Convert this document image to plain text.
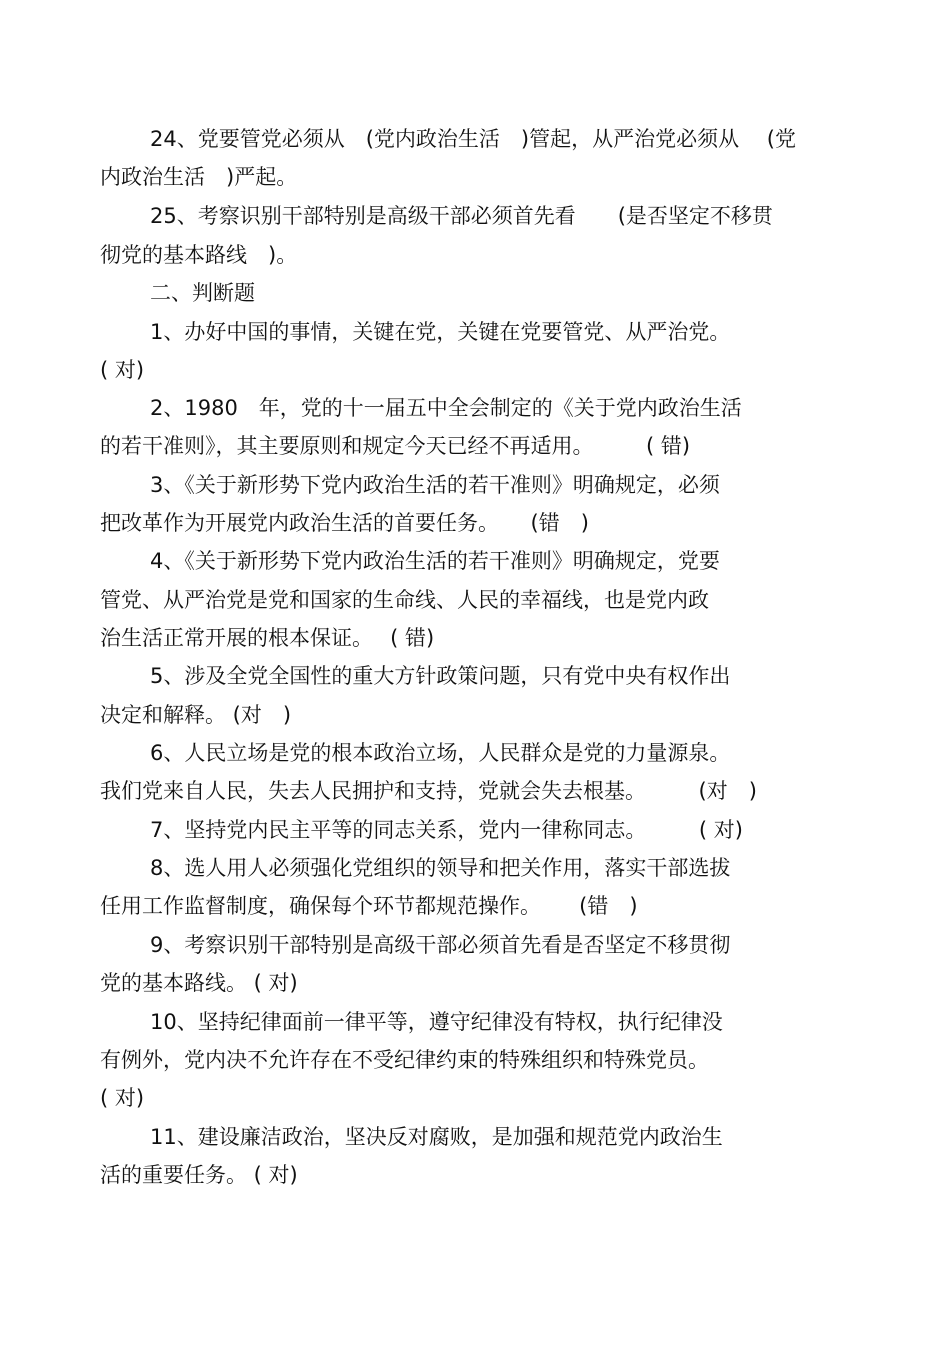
24、党要管党必须从　(党内政治生活　)管起，从严治党必须从　 (党

内政治生活　)严起。

25、考察识别干部特别是高级干部必须首先看　　(是否坚定不移贯

彻党的基本路线　)。

二、判断题

1、办好中国的事情，关键在党，关键在党要管党、从严治党。

( 对)

2、1980　年，党的十一届五中全会制定的《关于党内政治生活

的若干准则》，其主要原则和规定今天已经不再适用。　　　( 错)

3、《关于新形势下党内政治生活的若干准则》明确规定，必须

把改革作为开展党内政治生活的首要任务。　　(错　)

4、《关于新形势下党内政治生活的若干准则》明确规定，党要

管党、从严治党是党和国家的生命线、人民的幸福线，也是党内政

治生活正常开展的根本保证。　 ( 错)

5、涉及全党全国性的重大方针政策问题，只有党中央有权作出

决定和解释。 (对　)

6、人民立场是党的根本政治立场，人民群众是党的力量源泉。

我们党来自人民，失去人民拥护和支持，党就会失去根基。　　　(对　)

7、坚持党内民主平等的同志关系，党内一律称同志。　　　( 对)

8、选人用人必须强化党组织的领导和把关作用，落实干部选拔

任用工作监督制度，确保每个环节都规范操作。　　 (错　)

9、考察识别干部特别是高级干部必须首先看是否坚定不移贯彻

党的基本路线。 ( 对)

10、坚持纪律面前一律平等，遵守纪律没有特权，执行纪律没

有例外，党内决不允许存在不受纪律约束的特殊组织和特殊党员。

( 对)

11、建设廉洁政治，坚决反对腐败，是加强和规范党内政治生

活的重要任务。 ( 对)
